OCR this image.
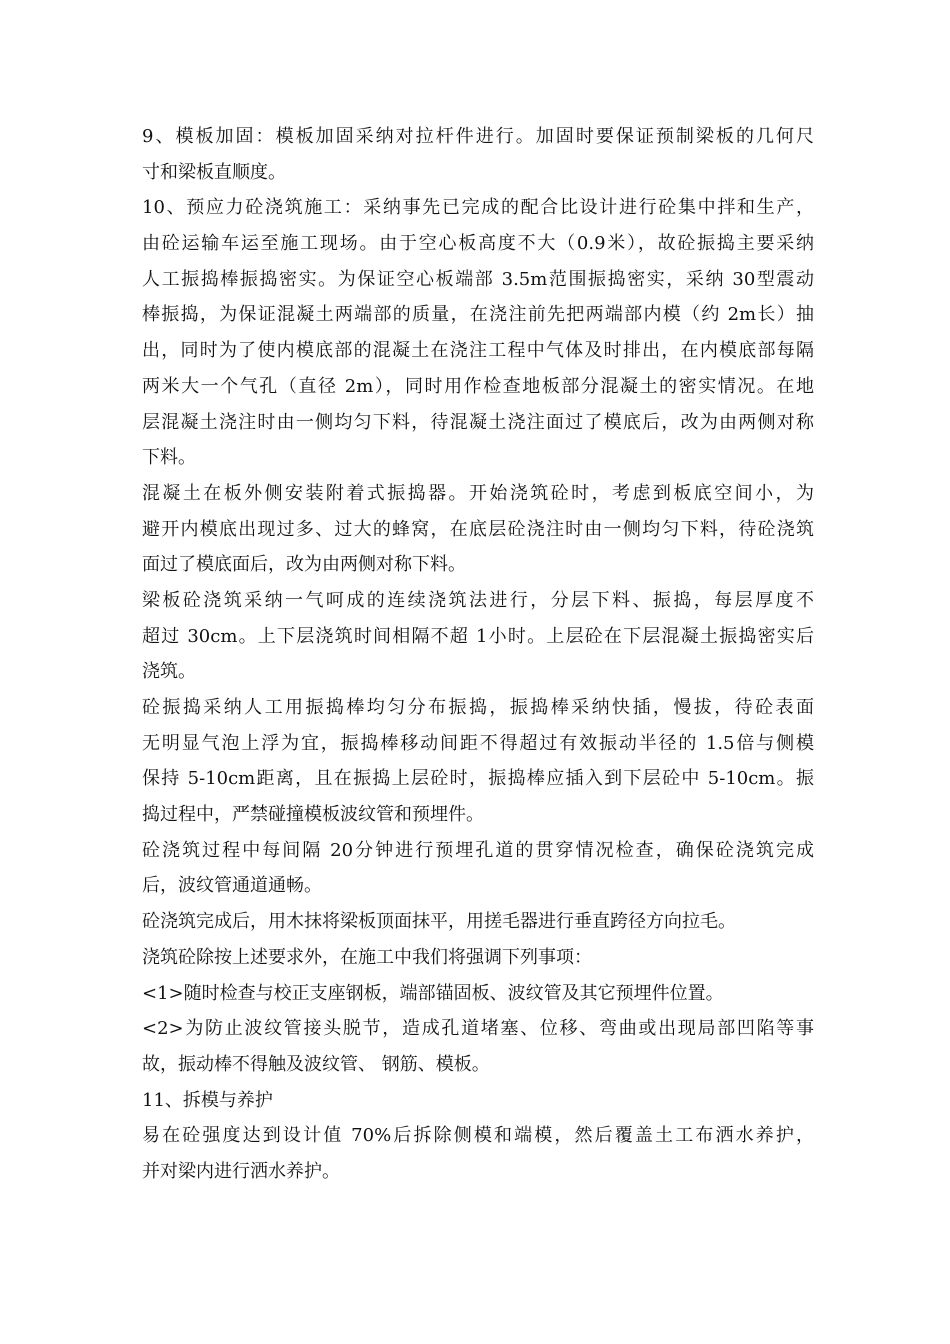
9、模板加固：模板加固采纳对拉杆件进行。加固时要保证预制梁板的几何尺
寸和梁板直顺度。
10、预应力砼浇筑施工：采纳事先已完成的配合比设计进行砼集中拌和生产，
由砼运输车运至施工现场。由于空心板高度不大（0.9米），故砼振捣主要采纳
人工振捣棒振捣密实。为保证空心板端部 3.5m范围振捣密实，采纳 30型震动
棒振捣，为保证混凝土两端部的质量，在浇注前先把两端部内模（约 2m长）抽
出，同时为了使内模底部的混凝土在浇注工程中气体及时排出，在内模底部每隔
两米大一个气孔（直径 2m），同时用作检查地板部分混凝土的密实情况。在地
层混凝土浇注时由一侧均匀下料，待混凝土浇注面过了模底后，改为由两侧对称
下料。
混凝土在板外侧安装附着式振捣器。开始浇筑砼时，考虑到板底空间小，为
避开内模底出现过多、过大的蜂窝，在底层砼浇注时由一侧均匀下料，待砼浇筑
面过了模底面后，改为由两侧对称下料。
梁板砼浇筑采纳一气呵成的连续浇筑法进行，分层下料、振捣，每层厚度不
超过 30cm。上下层浇筑时间相隔不超 1小时。上层砼在下层混凝土振捣密实后
浇筑。
砼振捣采纳人工用振捣棒均匀分布振捣，振捣棒采纳快插，慢拔，待砼表面
无明显气泡上浮为宜，振捣棒移动间距不得超过有效振动半径的 1.5倍与侧模
保持 5-10cm距离，且在振捣上层砼时，振捣棒应插入到下层砼中 5-10cm。振
捣过程中，严禁碰撞模板波纹管和预埋件。
砼浇筑过程中每间隔 20分钟进行预埋孔道的贯穿情况检查，确保砼浇筑完成
后，波纹管通道通畅。
砼浇筑完成后，用木抹将梁板顶面抹平，用搓毛器进行垂直跨径方向拉毛。
浇筑砼除按上述要求外，在施工中我们将强调下列事项：
<1>随时检查与校正支座钢板，端部锚固板、波纹管及其它预埋件位置。
<2>为防止波纹管接头脱节，造成孔道堵塞、位移、弯曲或出现局部凹陷等事
故，振动棒不得触及波纹管、 钢筋、模板。
11、拆模与养护
易在砼强度达到设计值 70%后拆除侧模和端模，然后覆盖土工布洒水养护，
并对梁内进行洒水养护。
